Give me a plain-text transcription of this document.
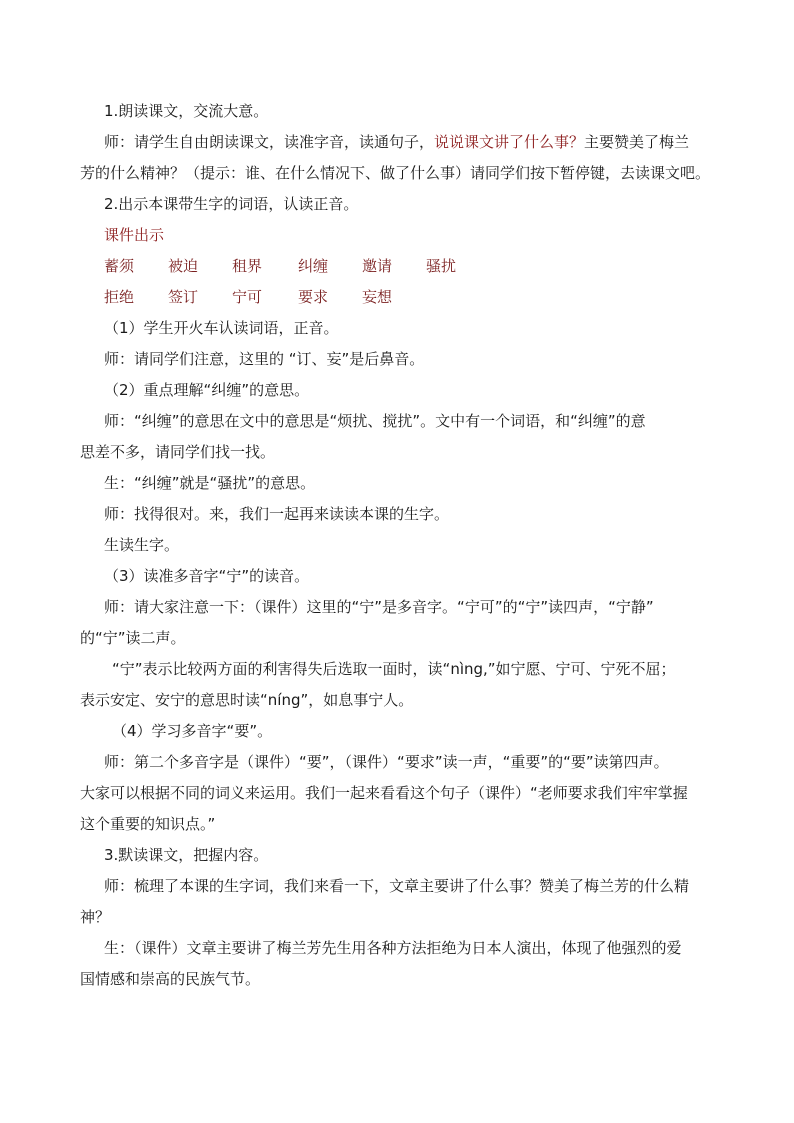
1.朗读课文，交流大意。
师：请学生自由朗读课文，读准字音，读通句子，说说课文讲了什么事？主要赞美了梅兰
芳的什么精神？（提示：谁、在什么情况下、做了什么事）请同学们按下暂停键，去读课文吧。
2.出示本课带生字的词语，认读正音。
课件出示
蓄须 被迫 租界 纠缠 邀请 骚扰
拒绝 签订 宁可 要求 妄想
（1）学生开火车认读词语，正音。
师：请同学们注意，这里的 “订、妄”是后鼻音。
（2）重点理解“纠缠”的意思。
师：“纠缠”的意思在文中的意思是“烦扰、搅扰”。文中有一个词语，和“纠缠”的意
思差不多，请同学们找一找。
生：“纠缠”就是“骚扰”的意思。
师：找得很对。来，我们一起再来读读本课的生字。
生读生字。
（3）读准多音字“宁”的读音。
师：请大家注意一下：（课件）这里的“宁”是多音字。“宁可”的“宁”读四声，“宁静”
的“宁”读二声。
“宁”表示比较两方面的利害得失后选取一面时，读“nìng,”如宁愿、宁可、宁死不屈；
表示安定、安宁的意思时读“níng”，如息事宁人。
（4）学习多音字“要”。
师：第二个多音字是（课件）“要”，（课件）“要求”读一声，“重要”的“要”读第四声。
大家可以根据不同的词义来运用。我们一起来看看这个句子（课件）“老师要求我们牢牢掌握
这个重要的知识点。”
3.默读课文，把握内容。
师：梳理了本课的生字词，我们来看一下，文章主要讲了什么事？赞美了梅兰芳的什么精
神？
生：（课件）文章主要讲了梅兰芳先生用各种方法拒绝为日本人演出，体现了他强烈的爱
国情感和崇高的民族气节。
